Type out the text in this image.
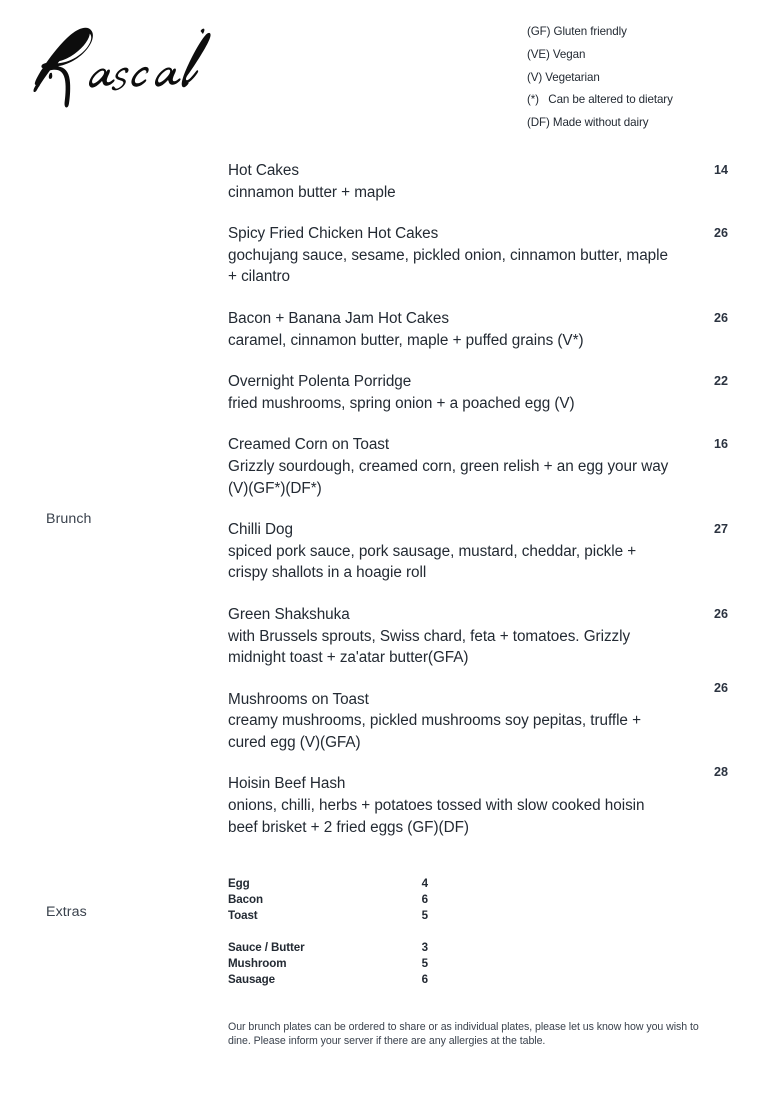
(GF) Gluten friendly
(VE) Vegan
(V) Vegetarian
(*)   Can be altered to dietary
(DF) Made without dairy
Brunch
Extras
Hot Cakes	14
cinnamon butter + maple
Spicy Fried Chicken Hot Cakes	26
gochujang sauce, sesame, pickled onion, cinnamon butter, maple + cilantro
Bacon + Banana Jam Hot Cakes	26
caramel, cinnamon butter, maple + puffed grains (V*)
Overnight Polenta Porridge	22
fried mushrooms, spring onion + a poached egg (V)
Creamed Corn on Toast	16
Grizzly sourdough, creamed corn, green relish + an egg your way (V)(GF*)(DF*)
Chilli Dog	27
spiced pork sauce, pork sausage, mustard, cheddar, pickle + crispy shallots in a hoagie roll
Green Shakshuka	26
with Brussels sprouts, Swiss chard, feta + tomatoes. Grizzly midnight toast + za'atar butter(GFA)
Mushrooms on Toast
26
creamy mushrooms, pickled mushrooms soy pepitas, truffle + cured egg (V)(GFA)
Hoisin Beef Hash
28
onions, chilli, herbs + potatoes tossed with slow cooked hoisin beef brisket + 2 fried eggs (GF)(DF)
Egg	4
Bacon	6
Toast	5
Sauce / Butter	3
Mushroom	5
Sausage	6
Our brunch plates can be ordered to share or as individual plates, please let us know how you wish to dine. Please inform your server if there are any allergies at the table.
